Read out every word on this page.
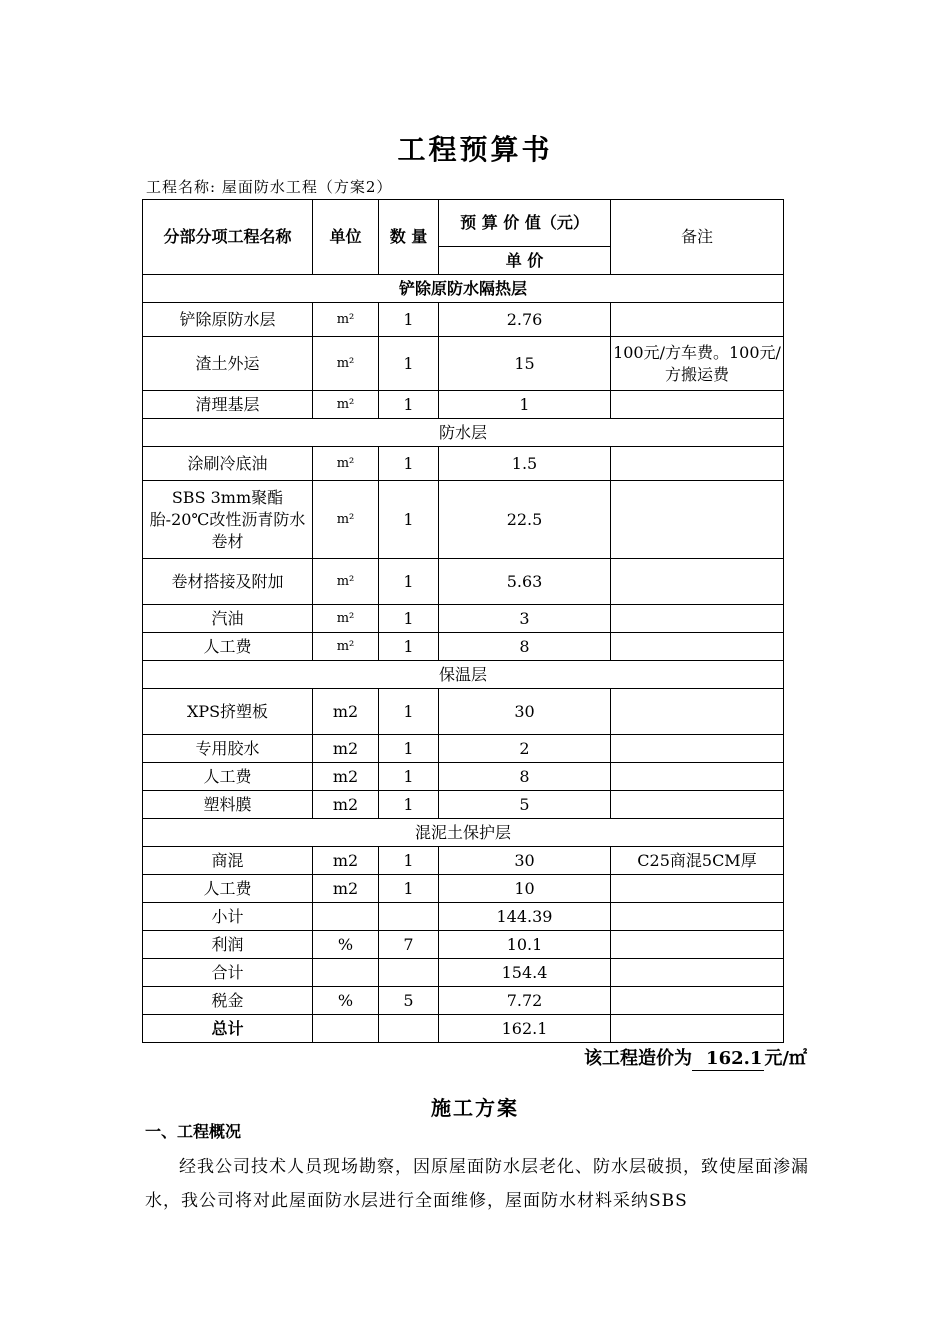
工程预算书
工程名称: 屋面防水工程（方案2）
分部分项工程名称	单位	数 量	预 算 价 值（元）	备注
			单 价	
铲除原防水隔热层				
铲除原防水层	m²	1	2.76	
渣土外运	m²	1	15	100元/方车费。100元/方搬运费
清理基层	m²	1	1	
防水层				
涂刷冷底油	m²	1	1.5	
SBS 3mm聚酯胎-20℃改性沥青防水卷材	m²	1	22.5	
卷材搭接及附加	m²	1	5.63	
汽油	m²	1	3	
人工费	m²	1	8	
保温层				
XPS挤塑板	m2	1	30	
专用胶水	m2	1	2	
人工费	m2	1	8	
塑料膜	m2	1	5	
混泥土保护层				
商混	m2	1	30	C25商混5CM厚
人工费	m2	1	10	
小计			144.39	
利润	%	7	10.1	
合计			154.4	
税金	%	5	7.72	
总计			162.1	
该工程造价为 162.1 元/㎡
施工方案
一、工程概况
经我公司技术人员现场勘察，因原屋面防水层老化、防水层破损，致使屋面渗漏水，我公司将对此屋面防水层进行全面维修，屋面防水材料采纳SBS
